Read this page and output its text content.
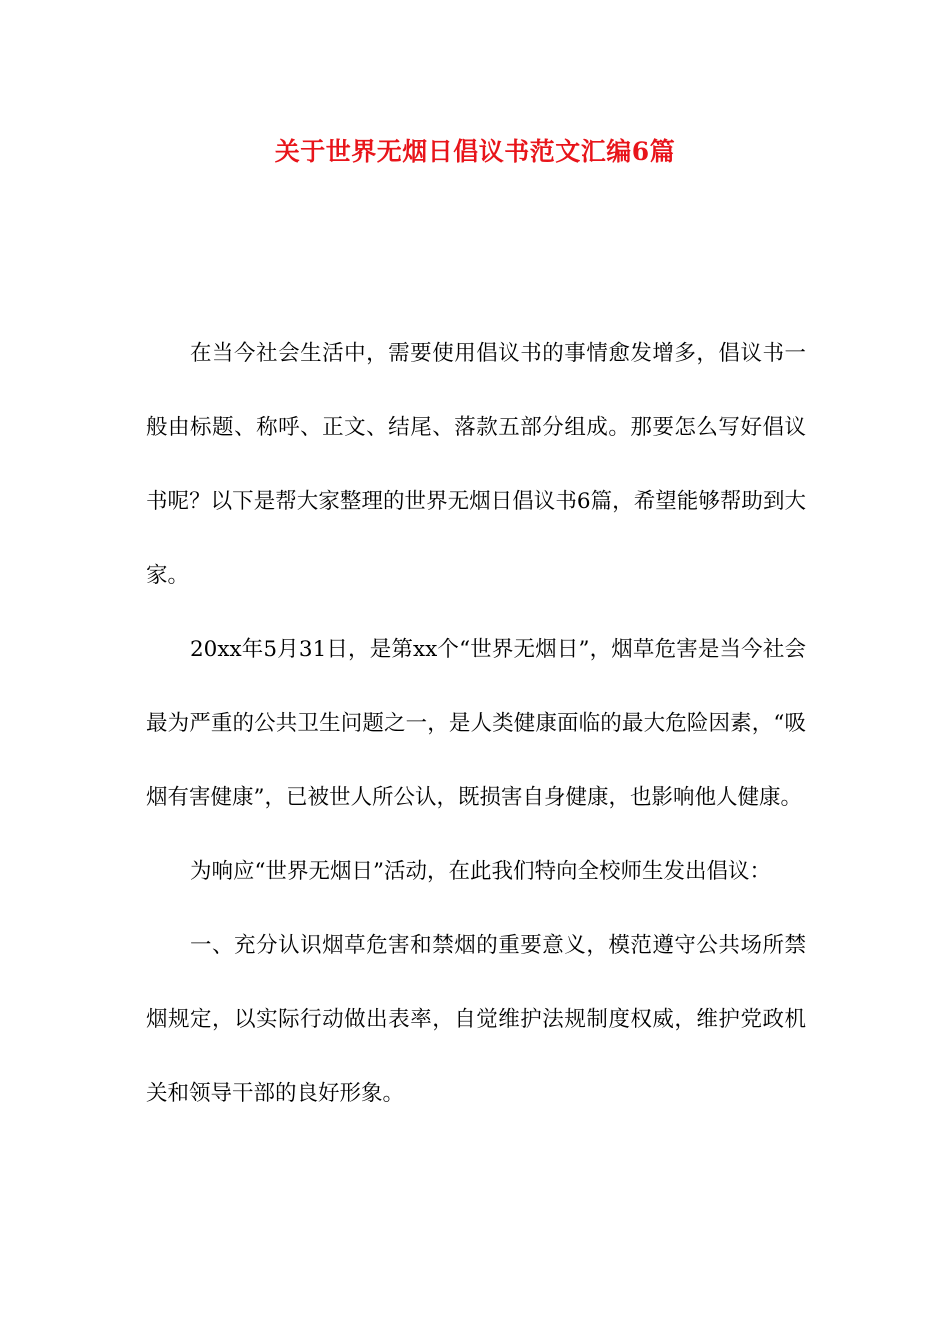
关于世界无烟日倡议书范文汇编6篇

在当今社会生活中，需要使用倡议书的事情愈发增多，倡议书一般由标题、称呼、正文、结尾、落款五部分组成。那要怎么写好倡议书呢？以下是帮大家整理的世界无烟日倡议书6篇，希望能够帮助到大家。

20xx年5月31日，是第xx个“世界无烟日”，烟草危害是当今社会最为严重的公共卫生问题之一，是人类健康面临的最大危险因素，“吸烟有害健康”，已被世人所公认，既损害自身健康，也影响他人健康。

为响应“世界无烟日”活动，在此我们特向全校师生发出倡议：

一、充分认识烟草危害和禁烟的重要意义，模范遵守公共场所禁烟规定，以实际行动做出表率，自觉维护法规制度权威，维护党政机关和领导干部的良好形象。
